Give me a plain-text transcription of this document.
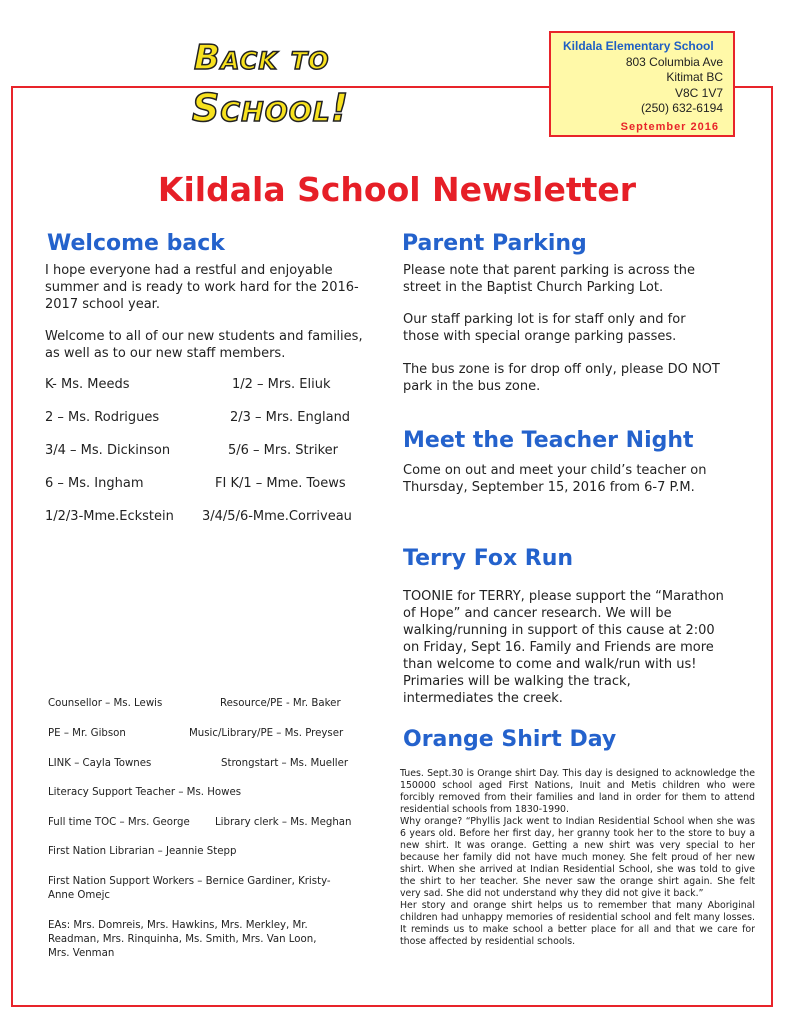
Back to
School!
Kildala Elementary School
803 Columbia Ave
Kitimat BC
V8C 1V7
(250) 632-6194
September 2016
Kildala School Newsletter
Welcome back
I hope everyone had a restful and enjoyable summer and is ready to work hard for the 2016-2017 school year.
Welcome to all of our new students and families, as well as to our new staff members.
K- Ms. Meeds	1/2 – Mrs. Eliuk
2 – Ms. Rodrigues	2/3 – Mrs. England
3/4 – Ms. Dickinson	5/6 – Mrs. Striker
6 – Ms. Ingham	FI K/1 – Mme. Toews
1/2/3-Mme.Eckstein 3/4/5/6-Mme.Corriveau
Counsellor – Ms. Lewis	Resource/PE - Mr. Baker
PE – Mr. Gibson	Music/Library/PE – Ms. Preyser
LINK – Cayla Townes	Strongstart – Ms. Mueller
Literacy Support Teacher – Ms. Howes
Full time TOC – Mrs. George Library clerk – Ms. Meghan
First Nation Librarian – Jeannie Stepp
First Nation Support Workers – Bernice Gardiner, Kristy-
Anne Omejc
EAs: Mrs. Domreis, Mrs. Hawkins, Mrs. Merkley, Mr.
Readman, Mrs. Rinquinha, Ms. Smith, Mrs. Van Loon,
Mrs. Venman
Parent Parking
Please note that parent parking is across the street in the Baptist Church Parking Lot.
Our staff parking lot is for staff only and for those with special orange parking passes.
The bus zone is for drop off only, please DO NOT park in the bus zone.
Meet the Teacher Night
Come on out and meet your child’s teacher on Thursday, September 15, 2016 from 6-7 P.M.
Terry Fox Run
TOONIE for TERRY, please support the “Marathon of Hope” and cancer research. We will be walking/running in support of this cause at 2:00 on Friday, Sept 16. Family and Friends are more than welcome to come and walk/run with us! Primaries will be walking the track, intermediates the creek.
Orange Shirt Day

Tues. Sept.30 is Orange shirt Day. This day is designed to acknowledge the 150000 school aged First Nations, Inuit and Metis children who were forcibly removed from their families and land in order for them to attend residential schools from 1830-1990.

Why orange? “Phyllis Jack went to Indian Residential School when she was 6 years old. Before her first day, her granny took her to the store to buy a new shirt. It was orange. Getting a new shirt was very special to her because her family did not have much money. She felt proud of her new shirt. When she arrived at Indian Residential School, she was told to give the shirt to her teacher. She never saw the orange shirt again. She felt very sad. She did not understand why they did not give it back.”

Her story and orange shirt helps us to remember that many Aboriginal children had unhappy memories of residential school and felt many losses. It reminds us to make school a better place for all and that we care for those affected by residential schools.
